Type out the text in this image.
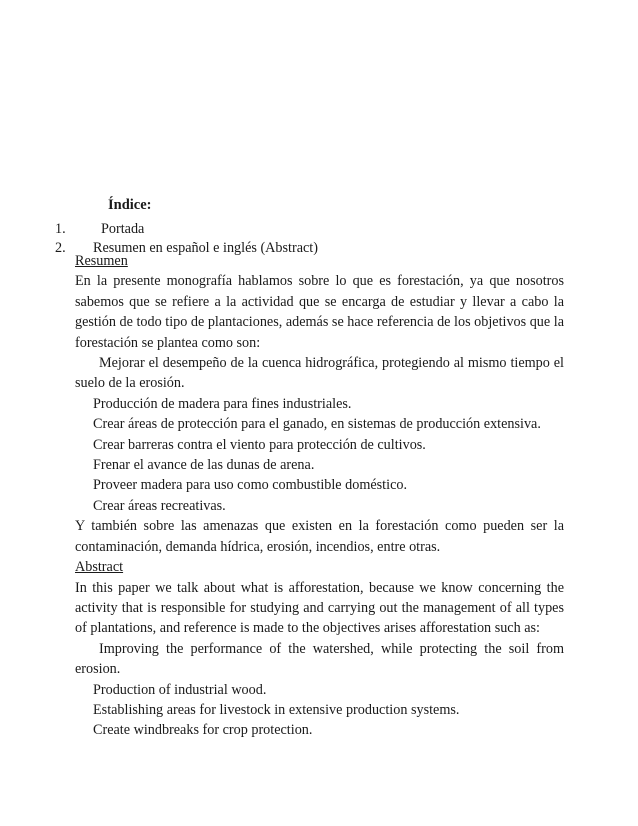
Índice:
1. Portada
2. Resumen en español e inglés (Abstract)
Resumen

En la presente monografía hablamos sobre lo que es forestación, ya que nosotros sabemos que se refiere a la actividad que se encarga de estudiar y llevar a cabo la gestión de todo tipo de plantaciones, además se hace referencia de los objetivos que la forestación se plantea como son:

Mejorar el desempeño de la cuenca hidrográfica, protegiendo al mismo tiempo el suelo de la erosión.

Producción de madera para fines industriales.
Crear áreas de protección para el ganado, en sistemas de producción extensiva.
Crear barreras contra el viento para protección de cultivos.
Frenar el avance de las dunas de arena.
Proveer madera para uso como combustible doméstico.
Crear áreas recreativas.

Y también sobre las amenazas que existen en la forestación como pueden ser la contaminación, demanda hídrica, erosión, incendios, entre otras.

Abstract

In this paper we talk about what is afforestation, because we know concerning the activity that is responsible for studying and carrying out the management of all types of plantations, and reference is made to the objectives arises afforestation such as:

Improving the performance of the watershed, while protecting the soil from erosion.

Production of industrial wood.
Establishing areas for livestock in extensive production systems.
Create windbreaks for crop protection.
